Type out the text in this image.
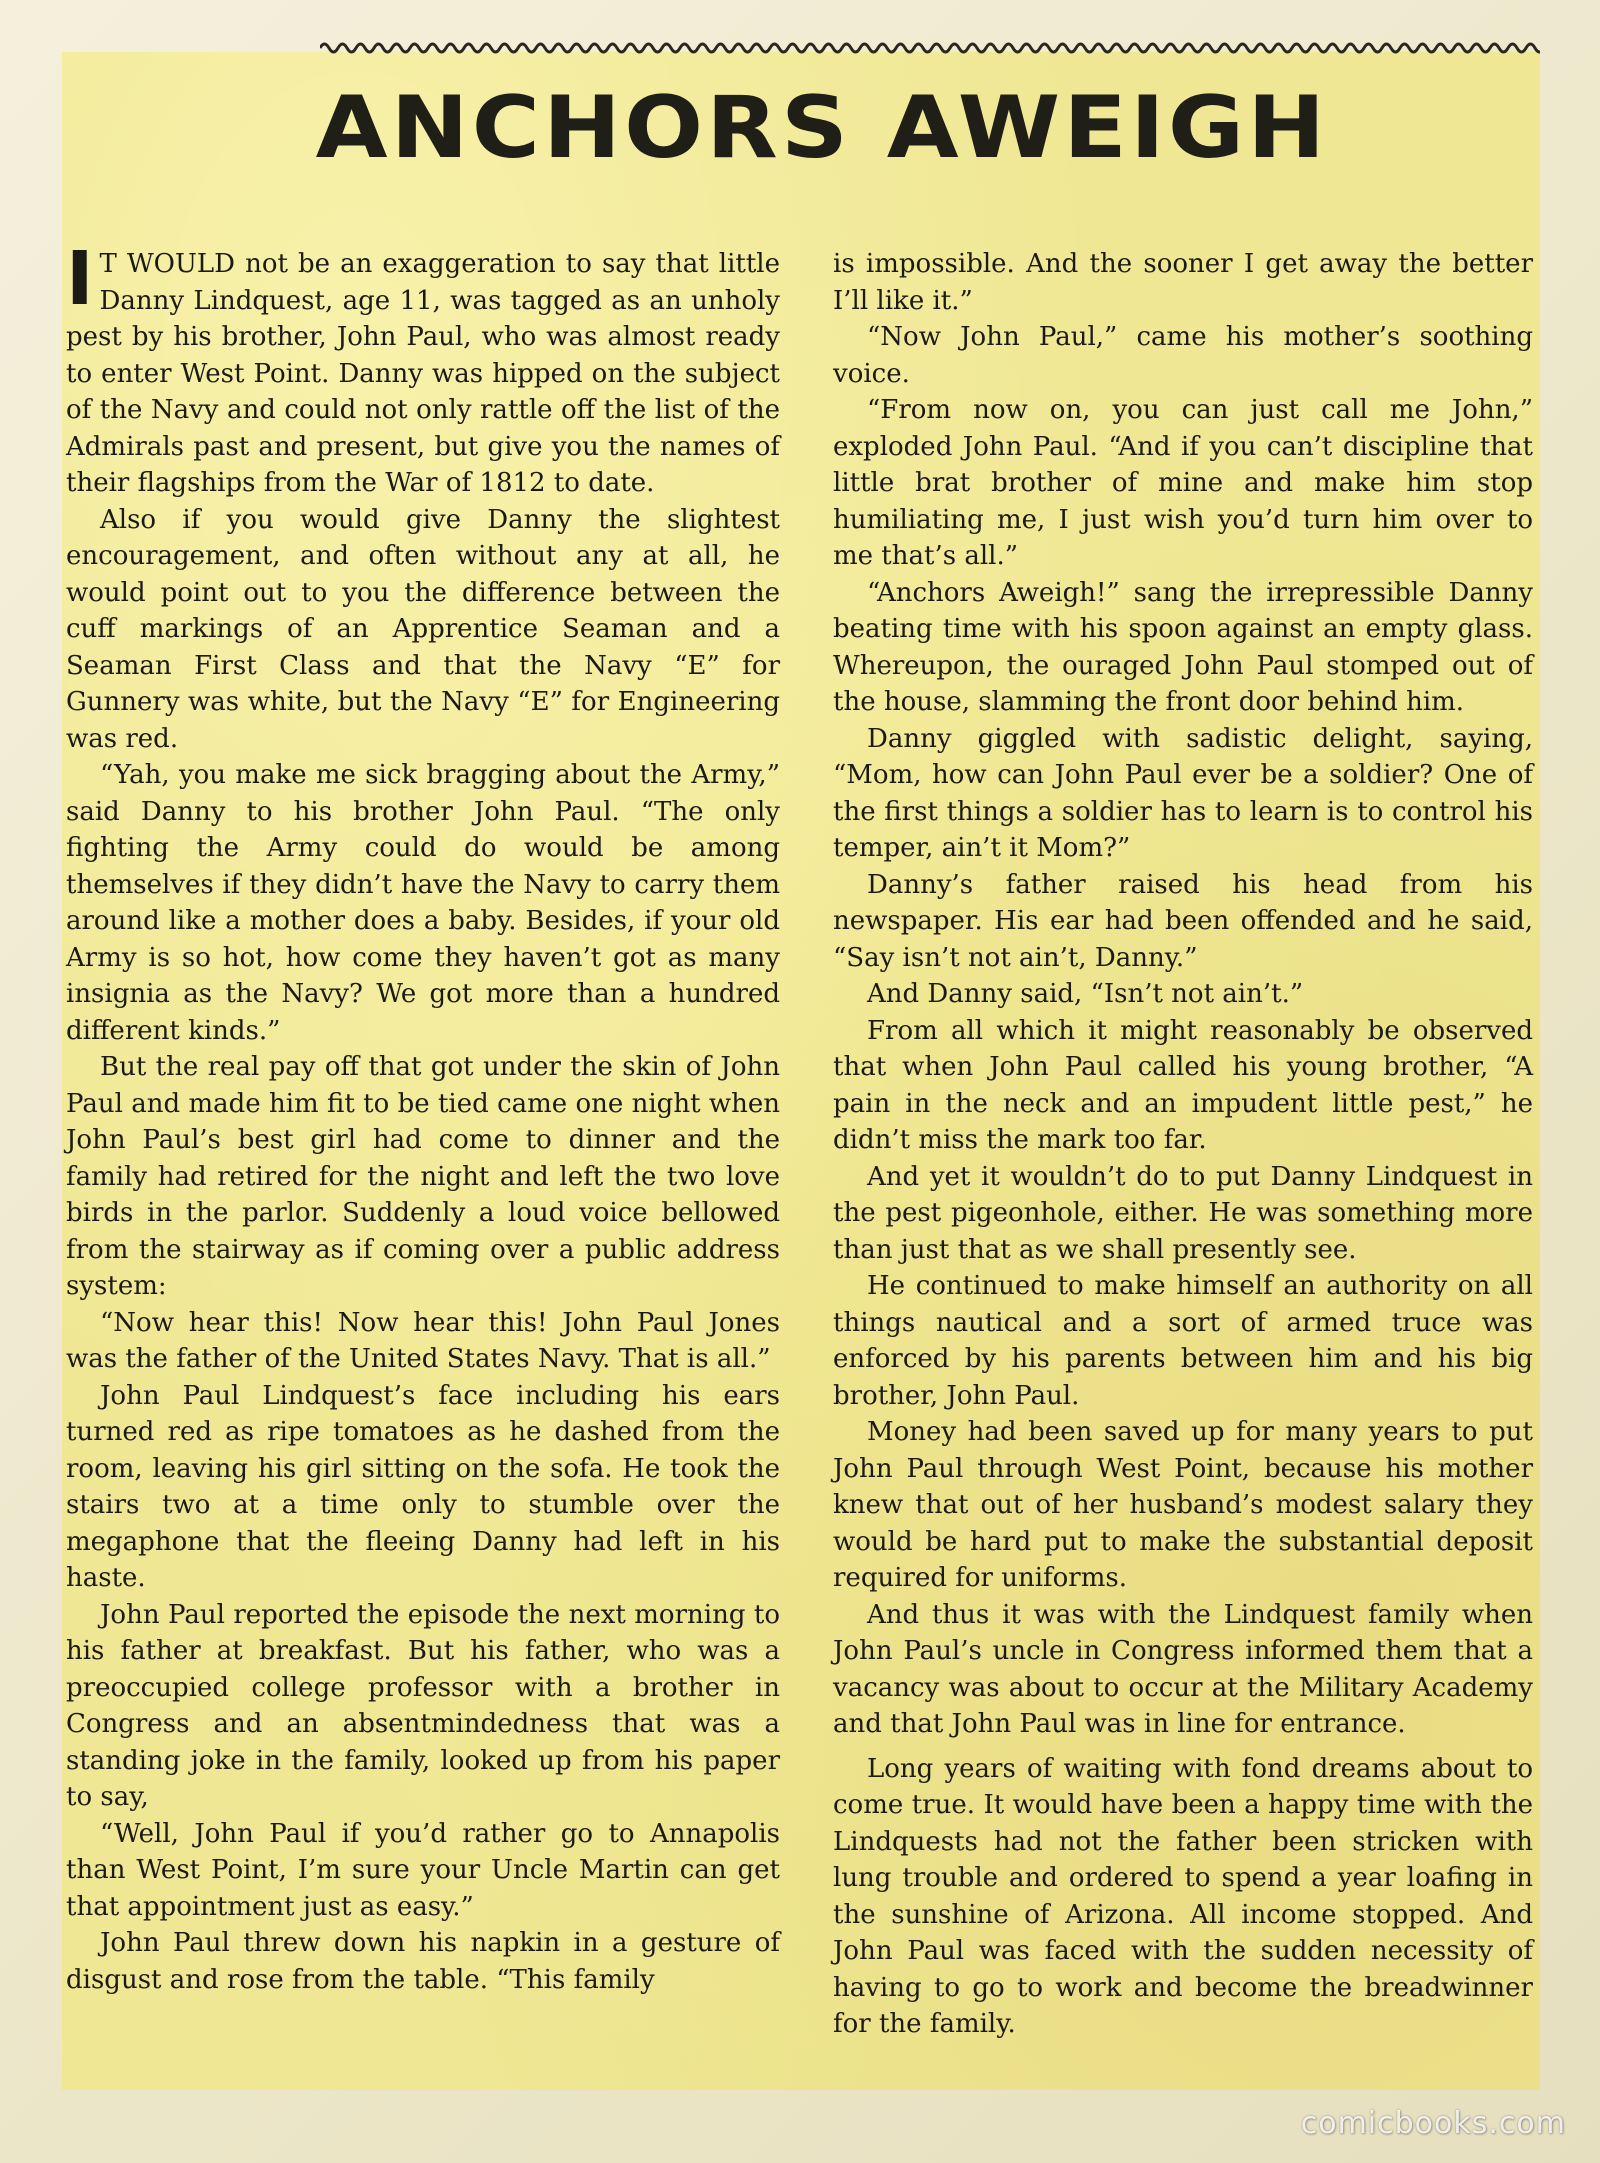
ANCHORS AWEIGH

I T WOULD not be an exaggeration to say that little Danny Lindquest, age 11, was tagged as an unholy pest by his brother, John Paul, who was almost ready to enter West Point. Danny was hipped on the subject of the Navy and could not only rattle off the list of the Admirals past and present, but give you the names of their flagships from the War of 1812 to date.

Also if you would give Danny the slightest encouragement, and often without any at all, he would point out to you the difference between the cuff markings of an Apprentice Seaman and a Seaman First Class and that the Navy “E” for Gunnery was white, but the Navy “E” for Engineering was red.

“Yah, you make me sick bragging about the Army,” said Danny to his brother John Paul. “The only fighting the Army could do would be among themselves if they didn’t have the Navy to carry them around like a mother does a baby. Besides, if your old Army is so hot, how come they haven’t got as many insignia as the Navy? We got more than a hundred different kinds.”

But the real pay off that got under the skin of John Paul and made him fit to be tied came one night when John Paul’s best girl had come to dinner and the family had retired for the night and left the two love birds in the parlor. Suddenly a loud voice bellowed from the stairway as if coming over a public address system:

“Now hear this! Now hear this! John Paul Jones was the father of the United States Navy. That is all.”

John Paul Lindquest’s face including his ears turned red as ripe tomatoes as he dashed from the room, leaving his girl sitting on the sofa. He took the stairs two at a time only to stumble over the megaphone that the fleeing Danny had left in his haste.

John Paul reported the episode the next morning to his father at breakfast. But his father, who was a preoccupied college professor with a brother in Congress and an absentmindedness that was a standing joke in the family, looked up from his paper to say,

“Well, John Paul if you’d rather go to Annapolis than West Point, I’m sure your Uncle Martin can get that appointment just as easy.”

John Paul threw down his napkin in a gesture of disgust and rose from the table. “This family

is impossible. And the sooner I get away the better I’ll like it.”

“Now John Paul,” came his mother’s soothing voice.

“From now on, you can just call me John,” exploded John Paul. “And if you can’t discipline that little brat brother of mine and make him stop humiliating me, I just wish you’d turn him over to me that’s all.”

“Anchors Aweigh!” sang the irrepressible Danny beating time with his spoon against an empty glass. Whereupon, the ouraged John Paul stomped out of the house, slamming the front door behind him.

Danny giggled with sadistic delight, saying, “Mom, how can John Paul ever be a soldier? One of the first things a soldier has to learn is to control his temper, ain’t it Mom?”

Danny’s father raised his head from his newspaper. His ear had been offended and he said, “Say isn’t not ain’t, Danny.”

And Danny said, “Isn’t not ain’t.”

From all which it might reasonably be observed that when John Paul called his young brother, “A pain in the neck and an impudent little pest,” he didn’t miss the mark too far.

And yet it wouldn’t do to put Danny Lindquest in the pest pigeonhole, either. He was something more than just that as we shall presently see.

He continued to make himself an authority on all things nautical and a sort of armed truce was enforced by his parents between him and his big brother, John Paul.

Money had been saved up for many years to put John Paul through West Point, because his mother knew that out of her husband’s modest salary they would be hard put to make the substantial deposit required for uniforms.

And thus it was with the Lindquest family when John Paul’s uncle in Congress informed them that a vacancy was about to occur at the Military Academy and that John Paul was in line for entrance.

Long years of waiting with fond dreams about to come true. It would have been a happy time with the Lindquests had not the father been stricken with lung trouble and ordered to spend a year loafing in the sunshine of Arizona. All income stopped. And John Paul was faced with the sudden necessity of having to go to work and become the breadwinner for the family.

comicbooks.com
